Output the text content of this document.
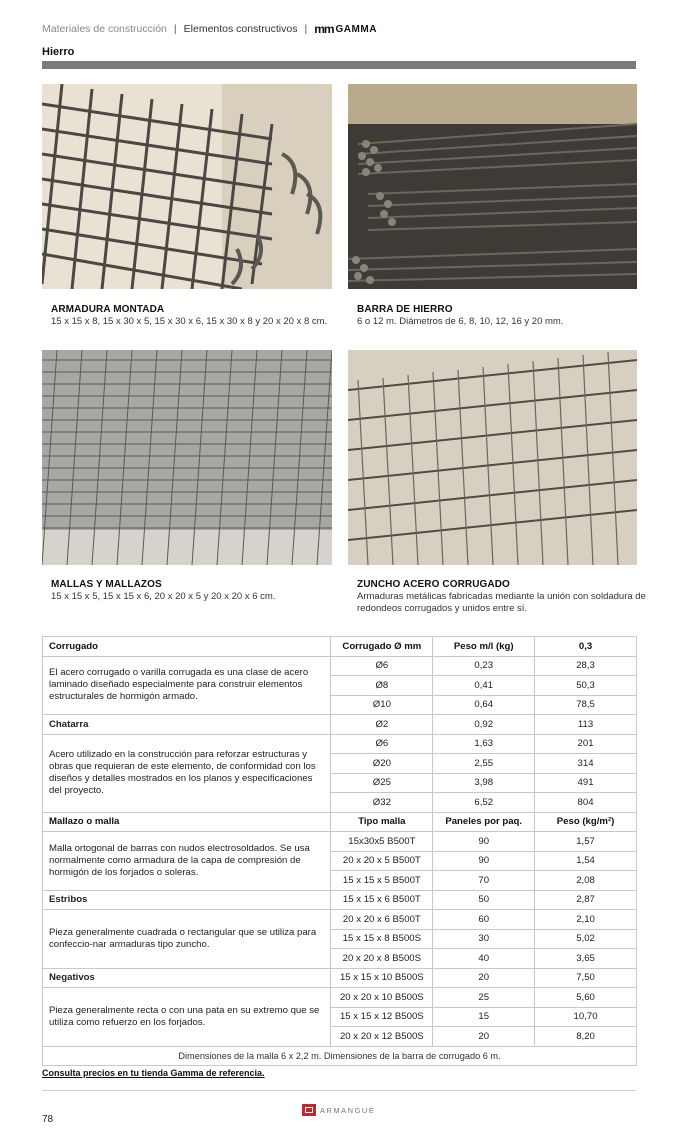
Materiales de construcción | Elementos constructivos | mm GAMMA
Hierro
ARMADURA MONTADA
15 x 15 x 8, 15 x 30 x 5, 15 x 30 x 6, 15 x 30 x 8 y 20 x 20 x 8 cm.
BARRA DE HIERRO
6 o 12 m. Diámetros de 6, 8, 10, 12, 16 y 20 mm.
MALLAS Y MALLAZOS
15 x 15 x 5, 15 x 15 x 6, 20 x 20 x 5 y 20 x 20 x 6 cm.
ZUNCHO ACERO CORRUGADO
Armaduras metálicas fabricadas mediante la unión con soldadura de
redondeos corrugados y unidos entre sí.
Corrugado	Corrugado Ø mm	Peso m/l (kg)	0,3
El acero corrugado o varilla corrugada es una clase de acero laminado diseñado especialmente para construir elementos estructurales de hormigón armado.	Ø6	0,23	28,3
	Ø8	0,41	50,3
	Ø10	0,64	78,5
Chatarra	Ø2	0,92	113
Acero utilizado en la construcción para reforzar estructuras y obras que requieran de este elemento, de conformidad con los diseños y detalles mostrados en los planos y especificaciones del proyecto.	Ø6	1,63	201
	Ø20	2,55	314
	Ø25	3,98	491
	Ø32	6,52	804
Mallazo o malla	Tipo malla	Paneles por paq.	Peso (kg/m²)
Malla ortogonal de barras con nudos electrosoldados. Se usa normalmente como armadura de la capa de compresión de hormigón de los forjados o soleras.	15x30x5 B500T	90	1,57
	20 x 20 x 5 B500T	90	1,54
	15 x 15 x 5 B500T	70	2,08
Estribos	15 x 15 x 6 B500T	50	2,87
Pieza generalmente cuadrada o rectangular que se utiliza para confeccio-nar armaduras tipo zuncho.	20 x 20 x 6 B500T	60	2,10
	15 x 15 x 8 B500S	30	5,02
	20 x 20 x 8 B500S	40	3,65
Negativos	15 x 15 x 10 B500S	20	7,50
Pieza generalmente recta o con una pata en su extremo que se utiliza como refuerzo en los forjados.	20 x 20 x 10 B500S	25	5,60
	15 x 15 x 12 B500S	15	10,70
	20 x 20 x 12 B500S	20	8,20
Dimensiones de la malla 6 x 2,2 m. Dimensiones de la barra de corrugado 6 m.			
Consulta precios en tu tienda Gamma de referencia.
78
ARMANGUÉ
